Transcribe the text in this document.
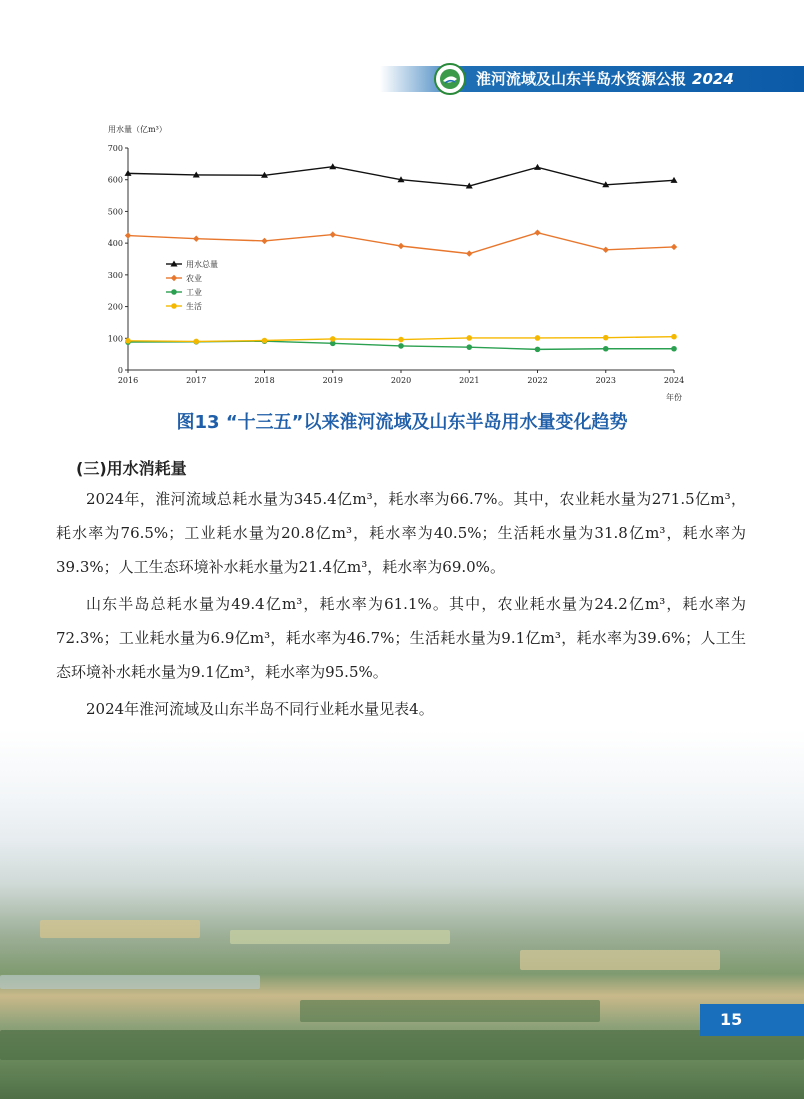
淮河流域及山东半岛水资源公报 2024
0
100
200
300
400
500
600
700
2016	2017	2018	2019	2020	2021	2022	2023	2024
用水量（亿m³）
年份
用水总量
农业
工业
生活
图13 “十三五”以来淮河流域及山东半岛用水量变化趋势
(三)用水消耗量

2024年，淮河流域总耗水量为345.4亿m³，耗水率为66.7%。其中，农业耗水量为271.5亿m³，耗水率为76.5%；工业耗水量为20.8亿m³，耗水率为40.5%；生活耗水量为31.8亿m³，耗水率为39.3%；人工生态环境补水耗水量为21.4亿m³，耗水率为69.0%。

山东半岛总耗水量为49.4亿m³，耗水率为61.1%。其中，农业耗水量为24.2亿m³，耗水率为72.3%；工业耗水量为6.9亿m³，耗水率为46.7%；生活耗水量为9.1亿m³，耗水率为39.6%；人工生态环境补水耗水量为9.1亿m³，耗水率为95.5%。

2024年淮河流域及山东半岛不同行业耗水量见表4。

15
